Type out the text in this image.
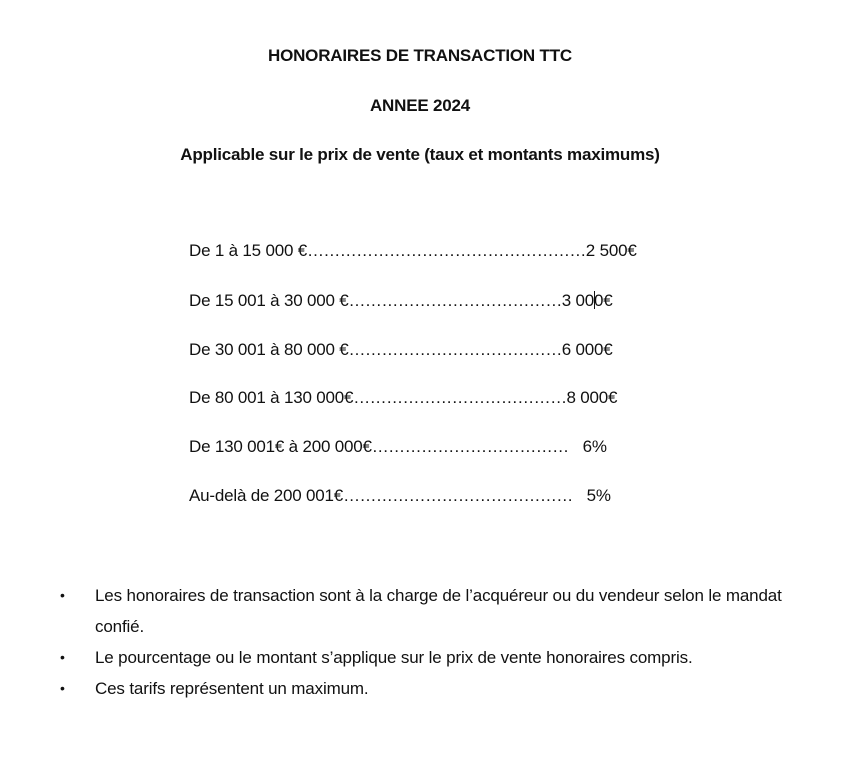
HONORAIRES DE TRANSACTION TTC
ANNEE 2024
Applicable sur le prix de vente (taux et montants maximums)
De 1 à 15 000 €……………………………………………2 500€
De 15 001 à 30 000 €…………………………………3 000€
De 30 001 à 80 000 €…………………………………6 000€
De 80 001 à 130 000€…………………………………8 000€
De 130 001€ à 200 000€……………………………… 6%
Au-delà de 200 001€…………………………………… 5%
• Les honoraires de transaction sont à la charge de l’acquéreur ou du vendeur selon le mandat confié.
• Le pourcentage ou le montant s’applique sur le prix de vente honoraires compris.
• Ces tarifs représentent un maximum.
